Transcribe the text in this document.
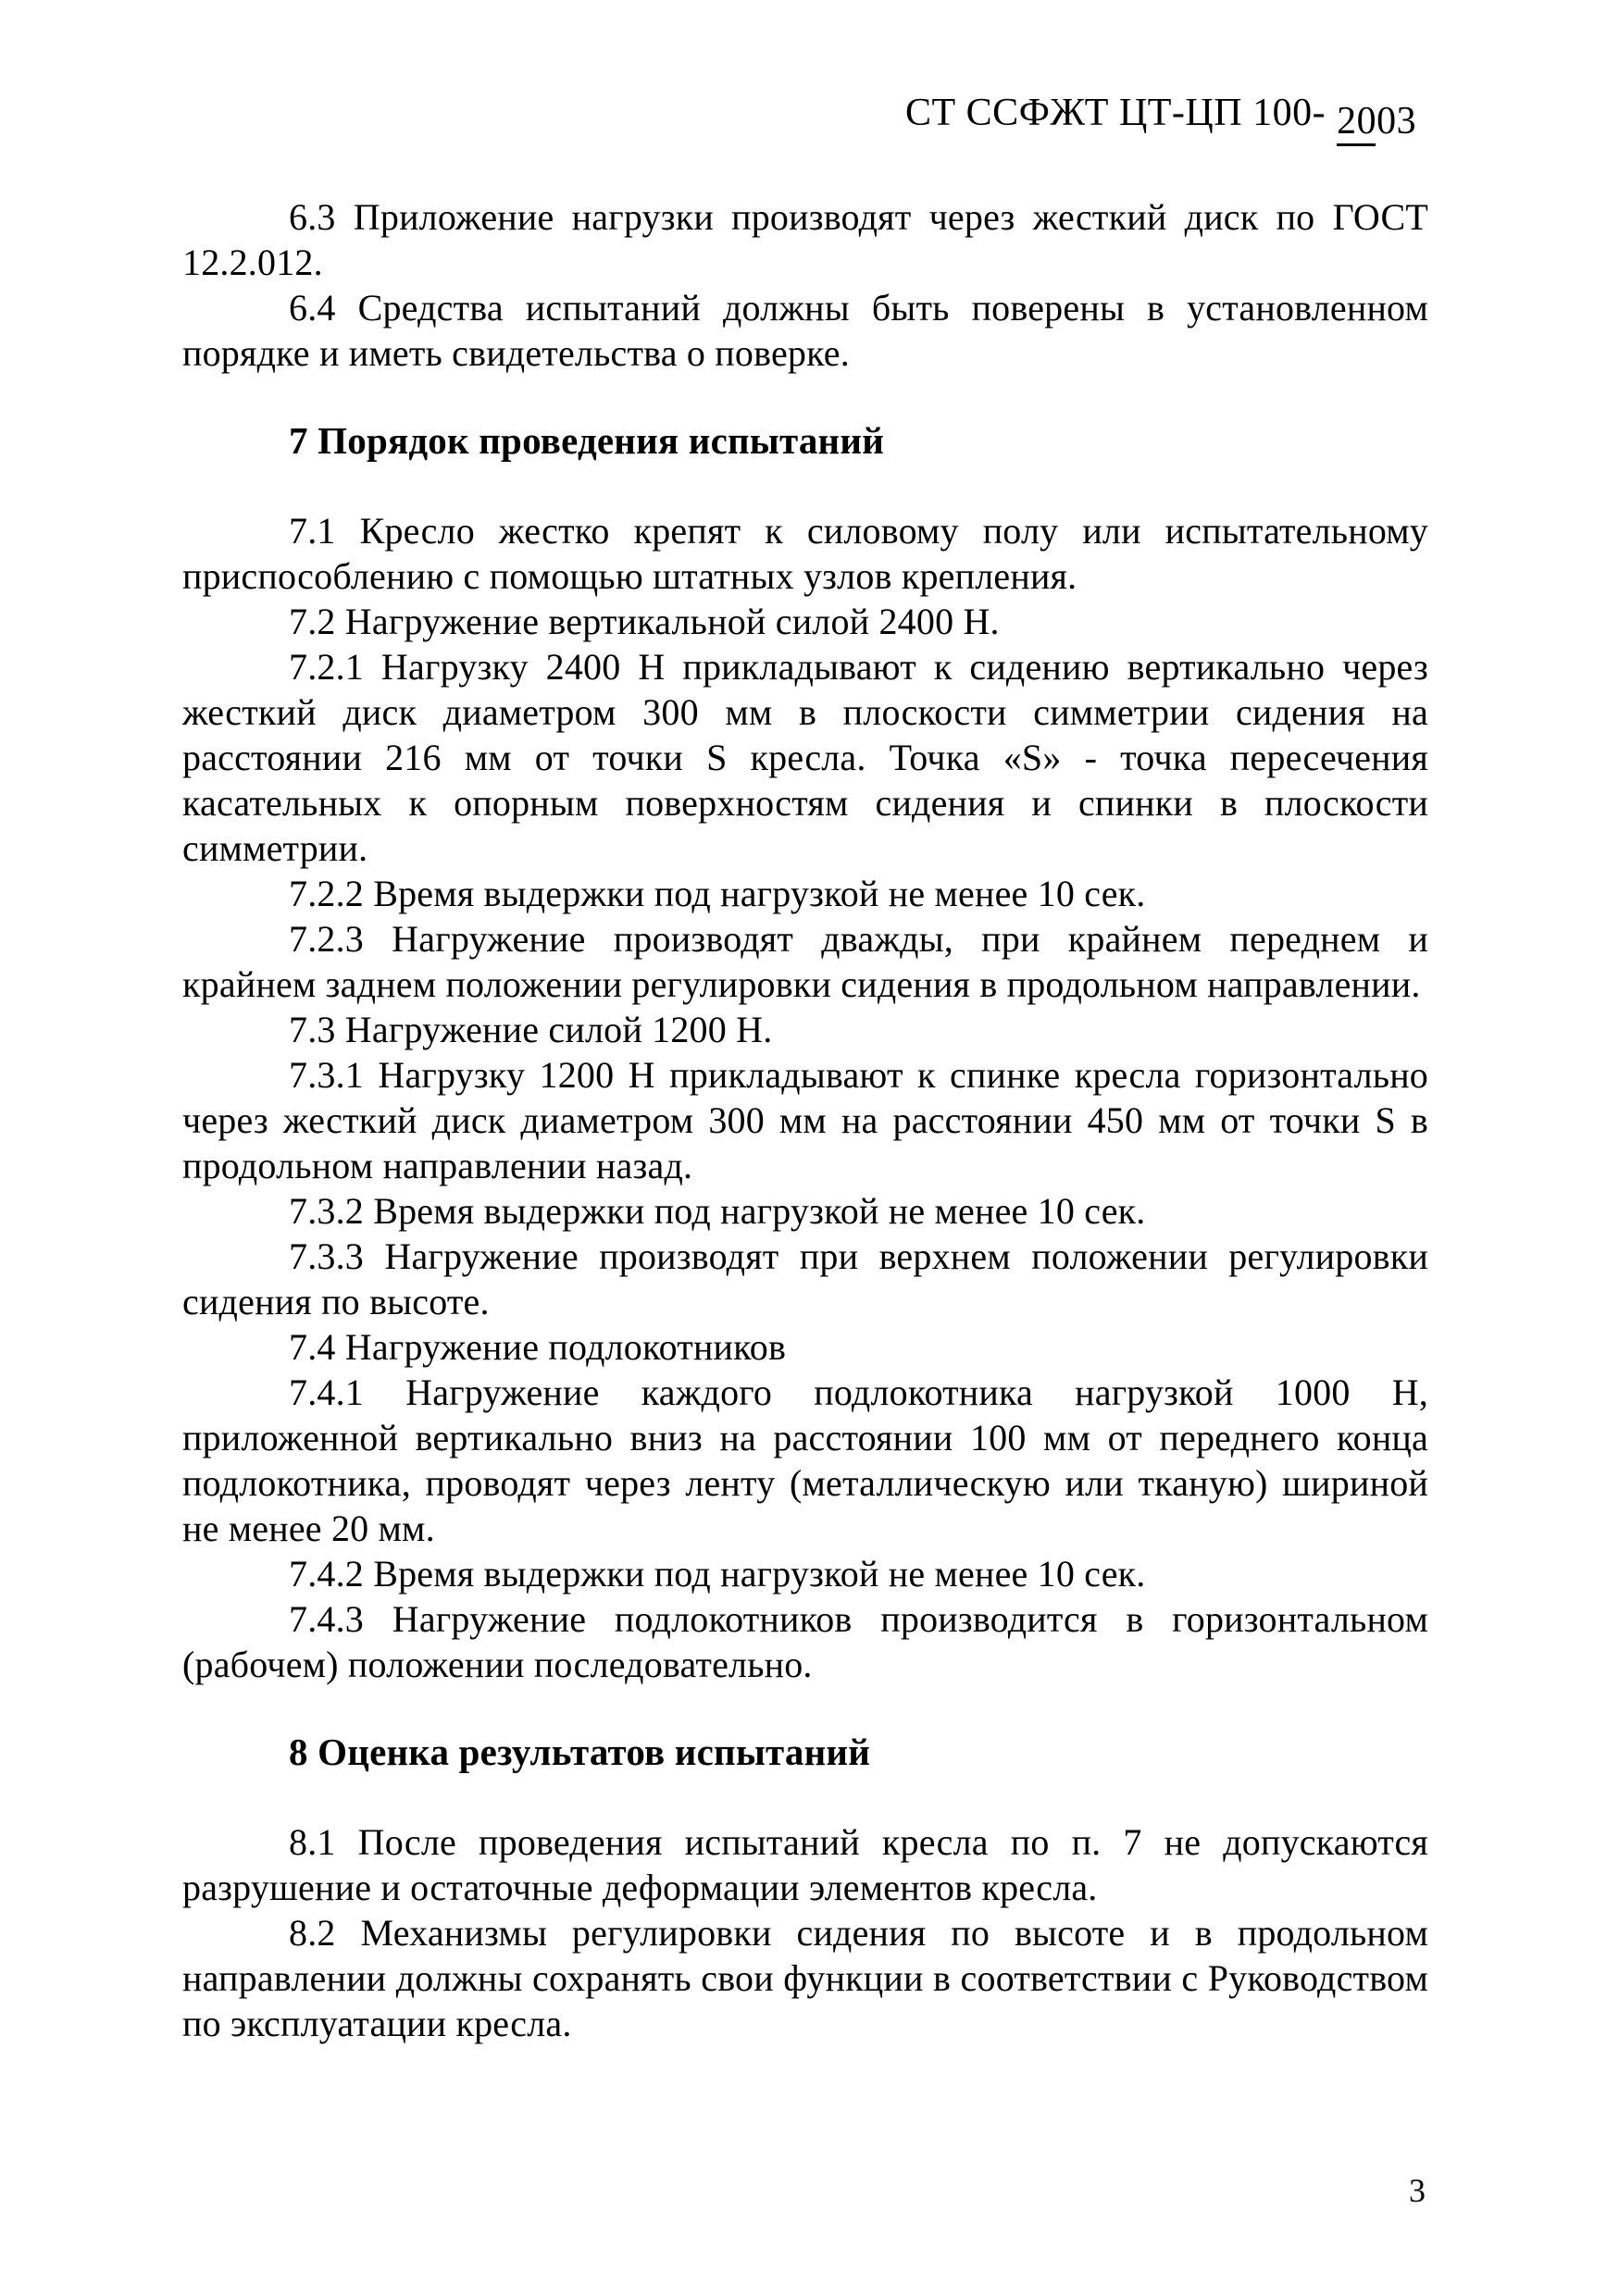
СТ ССФЖТ ЦТ-ЦП 100- 2003

6.3 Приложение нагрузки производят через жесткий диск по ГОСТ 12.2.012.

6.4 Средства испытаний должны быть поверены в установленном порядке и иметь свидетельства о поверке.

7 Порядок проведения испытаний

7.1 Кресло жестко крепят к силовому полу или испытательному приспособлению с помощью штатных узлов крепления.

7.2 Нагружение вертикальной силой 2400 Н.

7.2.1 Нагрузку 2400 Н прикладывают к сидению вертикально через жесткий диск диаметром 300 мм в плоскости симметрии сидения на расстоянии 216 мм от точки S кресла. Точка «S» - точка пересечения касательных к опорным поверхностям сидения и спинки в плоскости симметрии.

7.2.2 Время выдержки под нагрузкой не менее 10 сек.

7.2.3 Нагружение производят дважды, при крайнем переднем и крайнем заднем положении регулировки сидения в продольном направлении.

7.3 Нагружение силой 1200 Н.

7.3.1 Нагрузку 1200 Н прикладывают к спинке кресла горизонтально через жесткий диск диаметром 300 мм на расстоянии 450 мм от точки S в продольном направлении назад.

7.3.2 Время выдержки под нагрузкой не менее 10 сек.

7.3.3 Нагружение производят при верхнем положении регулировки сидения по высоте.

7.4 Нагружение подлокотников

7.4.1 Нагружение каждого подлокотника нагрузкой 1000 Н, приложенной вертикально вниз на расстоянии 100 мм от переднего конца подлокотника, проводят через ленту (металлическую или тканую) шириной не менее 20 мм.

7.4.2 Время выдержки под нагрузкой не менее 10 сек.

7.4.3 Нагружение подлокотников производится в горизонтальном (рабочем) положении последовательно.

8 Оценка результатов испытаний

8.1 После проведения испытаний кресла по п. 7 не допускаются разрушение и остаточные деформации элементов кресла.

8.2 Механизмы регулировки сидения по высоте и в продольном направлении должны сохранять свои функции в соответствии с Руководством по эксплуатации кресла.

3
